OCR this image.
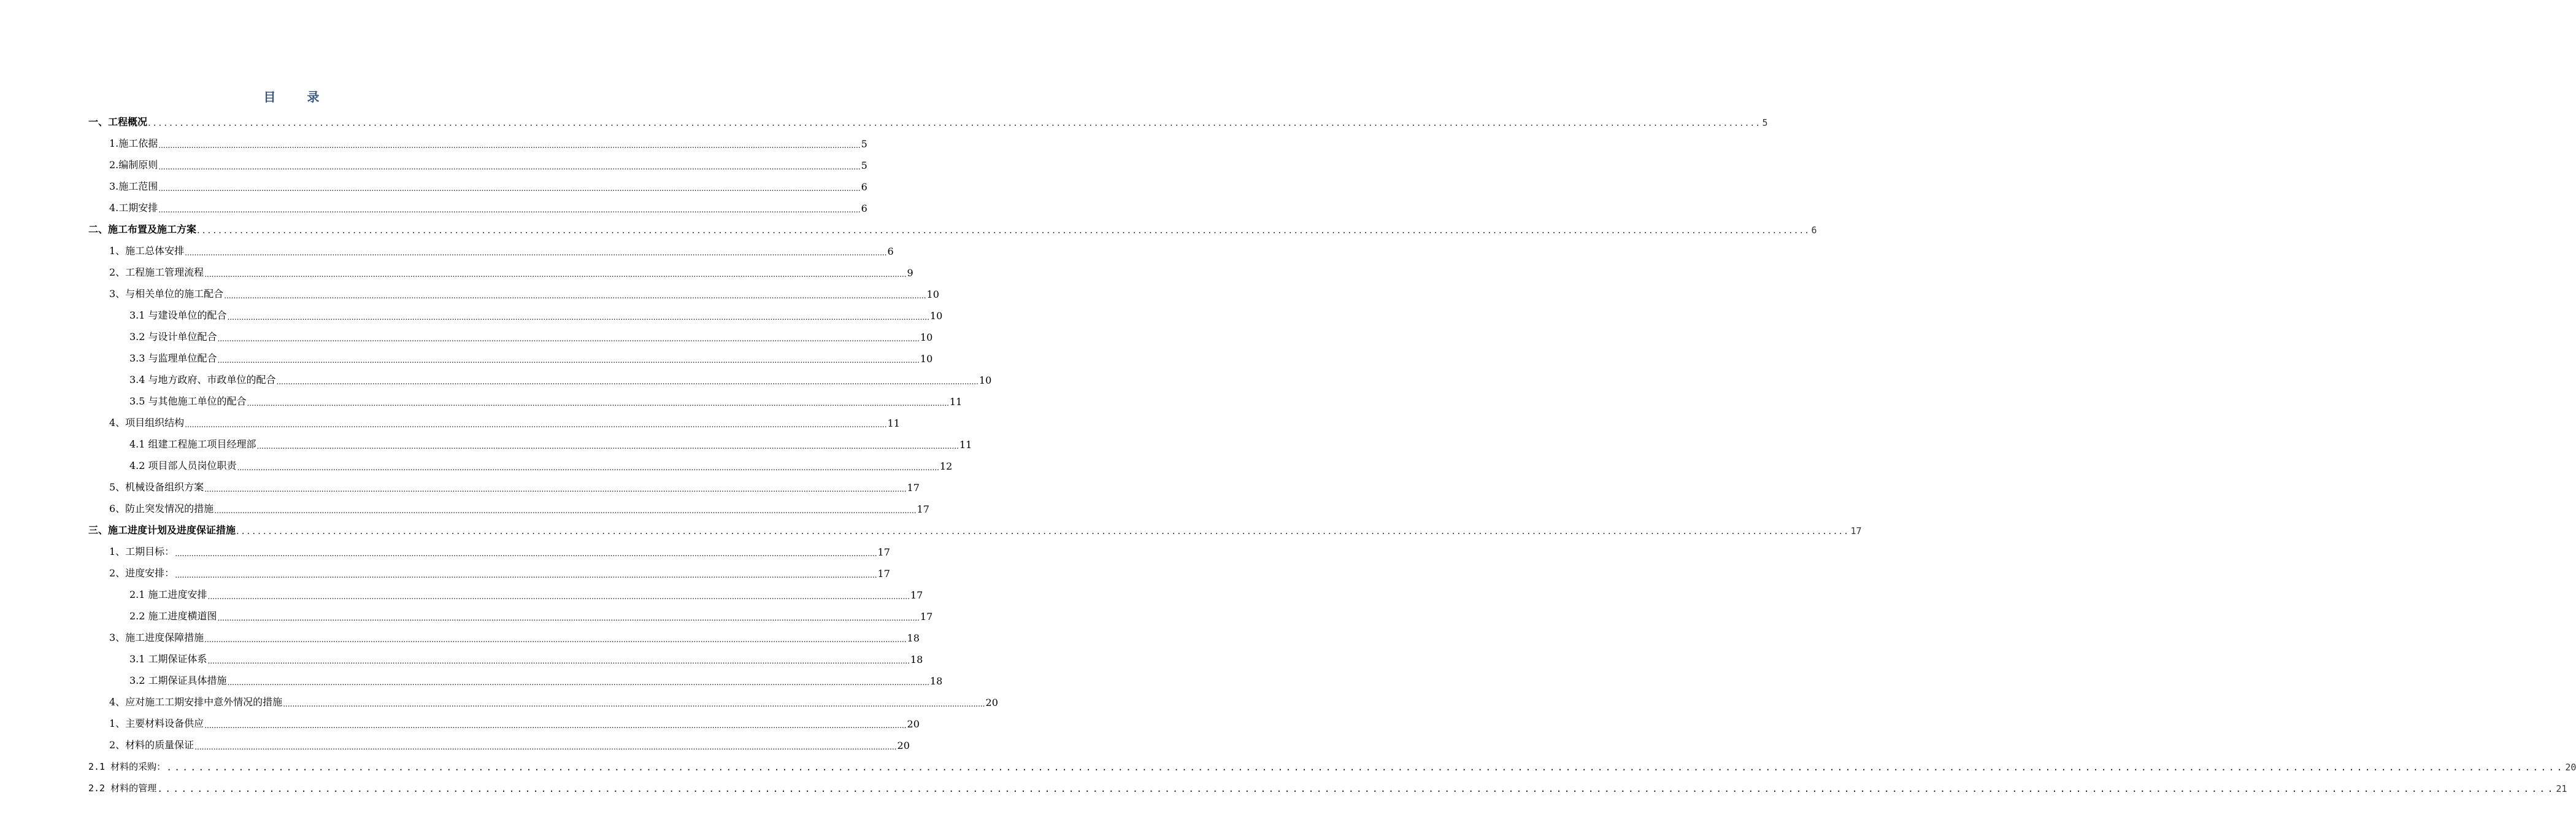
目 录
一、工程概况 ............................................................................................................................................................................................................................................................................................................ 5
1.施工依据 ............................................................................................................................................................................................................................................................................................................ 5
2.编制原则 ............................................................................................................................................................................................................................................................................................................ 5
3.施工范围 ............................................................................................................................................................................................................................................................................................................ 6
4.工期安排 ............................................................................................................................................................................................................................................................................................................ 6
二、施工布置及施工方案 ............................................................................................................................................................................................................................................................................................................ 6
1、施工总体安排 ............................................................................................................................................................................................................................................................................................................ 6
2、工程施工管理流程 ............................................................................................................................................................................................................................................................................................................ 9
3、与相关单位的施工配合 ............................................................................................................................................................................................................................................................................................................ 10
3.1 与建设单位的配合 ............................................................................................................................................................................................................................................................................................................ 10
3.2 与设计单位配合 ............................................................................................................................................................................................................................................................................................................ 10
3.3 与监理单位配合 ............................................................................................................................................................................................................................................................................................................ 10
3.4 与地方政府、市政单位的配合 ............................................................................................................................................................................................................................................................................................................ 10
3.5 与其他施工单位的配合 ............................................................................................................................................................................................................................................................................................................ 11
4、项目组织结构 ............................................................................................................................................................................................................................................................................................................ 11
4.1 组建工程施工项目经理部 ............................................................................................................................................................................................................................................................................................................ 11
4.2 项目部人员岗位职责 ............................................................................................................................................................................................................................................................................................................ 12
5、机械设备组织方案 ............................................................................................................................................................................................................................................................................................................ 17
6、防止突发情况的措施 ............................................................................................................................................................................................................................................................................................................ 17
三、施工进度计划及进度保证措施 ............................................................................................................................................................................................................................................................................................................ 17
1、工期目标： ............................................................................................................................................................................................................................................................................................................ 17
2、进度安排： ............................................................................................................................................................................................................................................................................................................ 17
2.1 施工进度安排 ............................................................................................................................................................................................................................................................................................................ 17
2.2 施工进度横道图 ............................................................................................................................................................................................................................................................................................................ 17
3、施工进度保障措施 ............................................................................................................................................................................................................................................................................................................ 18
3.1 工期保证体系 ............................................................................................................................................................................................................................................................................................................ 18
3.2 工期保证具体措施 ............................................................................................................................................................................................................................................................................................................ 18
4、应对施工工期安排中意外情况的措施 ............................................................................................................................................................................................................................................................................................................ 20
1、主要材料设备供应 ............................................................................................................................................................................................................................................................................................................ 20
2、材料的质量保证 ............................................................................................................................................................................................................................................................................................................ 20
2.1 材料的采购： ............................................................................................................................................................................................................................................................................................................ 20
2.2 材料的管理 ............................................................................................................................................................................................................................................................................................................ 21
